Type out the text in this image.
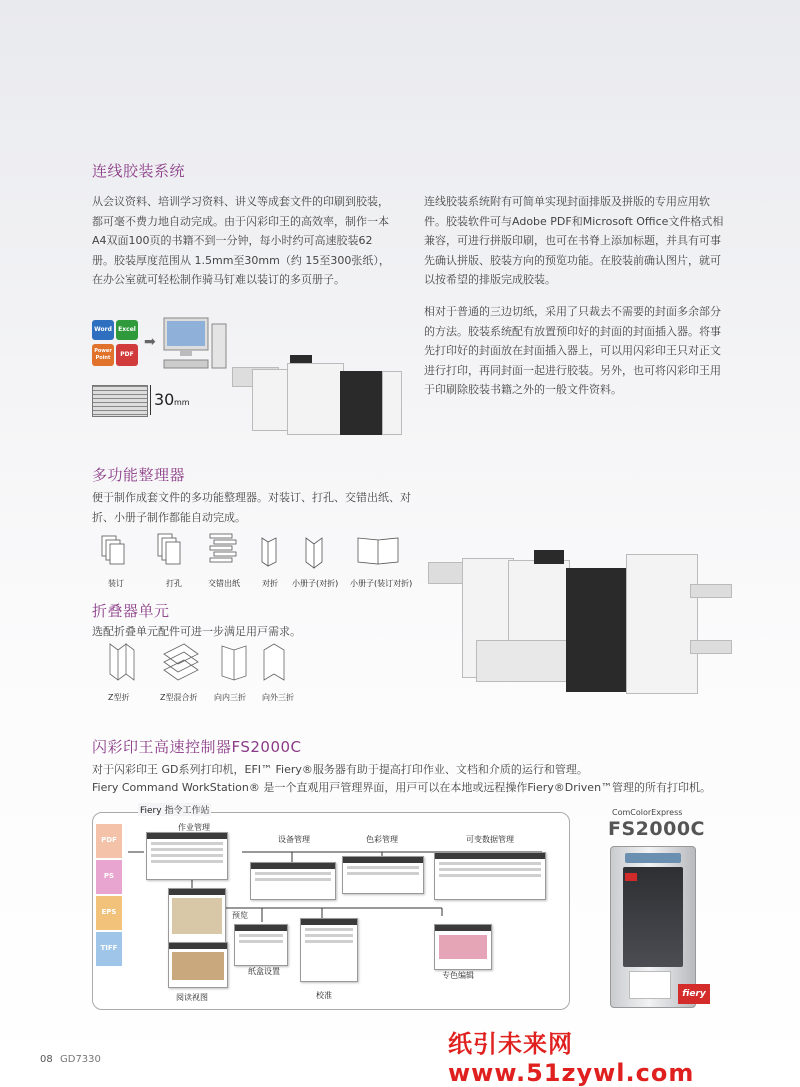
连线胶装系统
从会议资料、培训学习资料、讲义等成套文件的印刷到胶装，都可毫不费力地自动完成。由于闪彩印王的高效率，制作一本A4双面100页的书籍不到一分钟，每小时约可高速胶装62册。胶装厚度范围从 1.5mm至30mm（约 15至300张纸），在办公室就可轻松制作骑马钉难以装订的多页册子。
连线胶装系统附有可简单实现封面排版及拼版的专用应用软件。胶装软件可与Adobe PDF和Microsoft Office文件格式相兼容，可进行拼版印刷，也可在书脊上添加标题，并具有可事先确认拼版、胶装方向的预览功能。在胶装前确认图片，就可以按希望的排版完成胶装。
相对于普通的三边切纸，采用了只裁去不需要的封面多余部分的方法。胶装系统配有放置预印好的封面的封面插入器。将事先打印好的封面放在封面插入器上，可以用闪彩印王只对正文进行打印，再同封面一起进行胶装。另外，也可将闪彩印王用于印刷除胶装书籍之外的一般文件资料。
Word	Excel
Power Point	PDF
➡
30 mm
多功能整理器
便于制作成套文件的多功能整理器。对装订、打孔、交错出纸、对折、小册子制作都能自动完成。
装订	打孔	交错出纸	对折 小册子(对折) 小册子(装订对折)
折叠器单元
选配折叠单元配件可进一步满足用戸需求。
Z型折	Z型混合折 向内三折 向外三折
闪彩印王高速控制器FS2000C
对于闪彩印王 GD系列打印机，EFI™ Fiery®服务器有助于提高打印作业、文档和介质的运行和管理。
Fiery Command WorkStation® 是一个直观用戸管理界面，用戸可以在本地或远程操作Fiery®Driven™管理的所有打印机。
Fiery 指令工作站
PDF
PS
EPS
TIFF
作业管理
设备管理	色彩管理	可变数据管理
预览
纸盒设置
校准
专色编辑
阅读视图
ComColorExpress
FS2000C
fiery
08 GD7330
纸引未来网 www.51zywl.com
